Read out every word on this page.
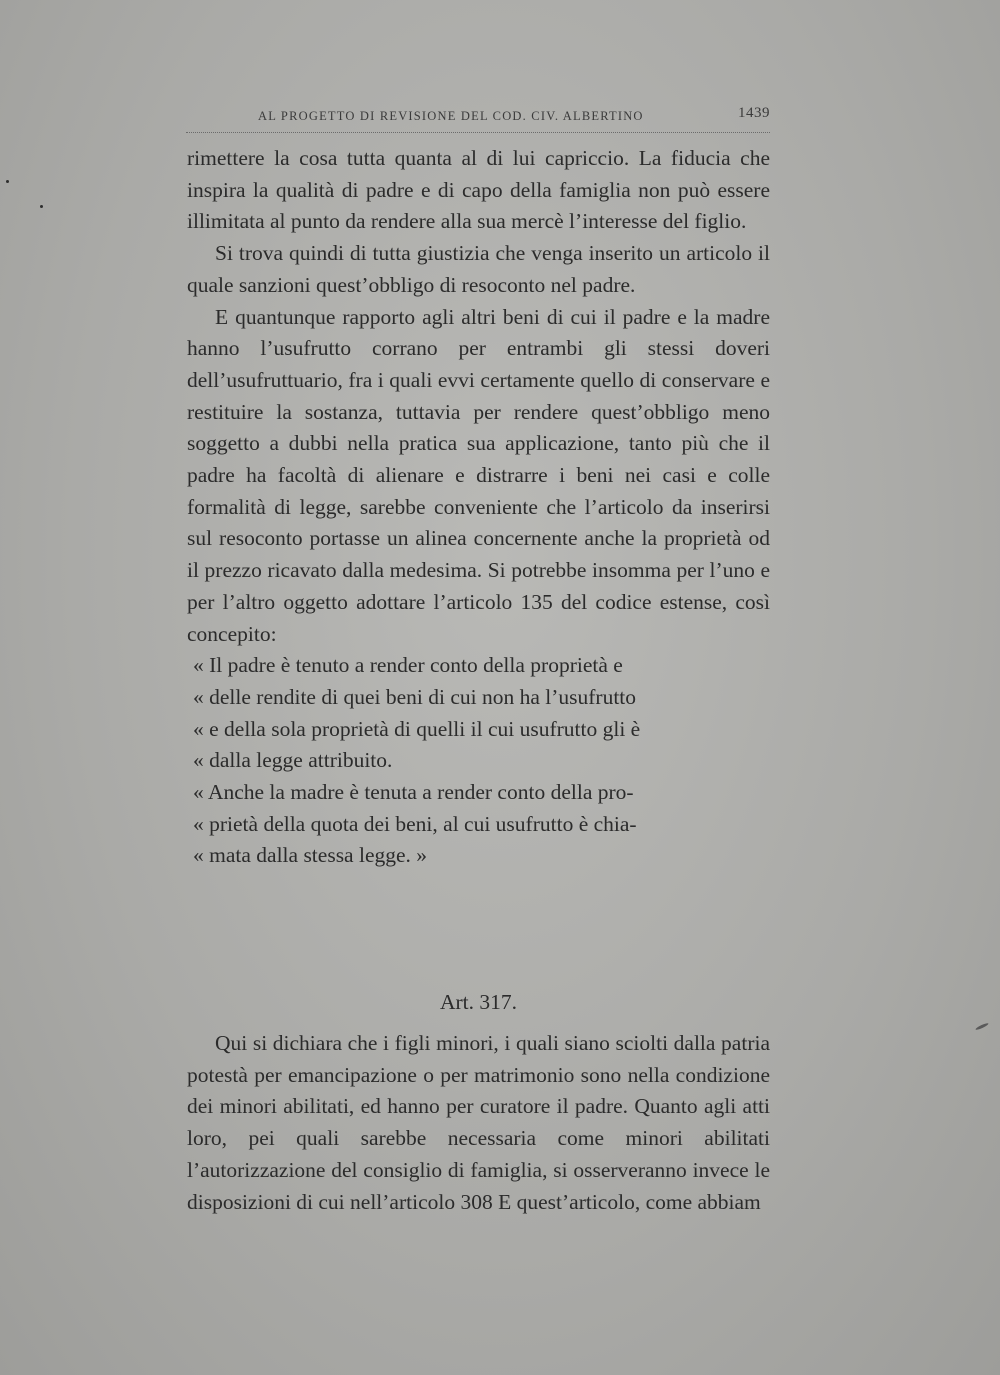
AL PROGETTO DI REVISIONE DEL COD. CIV. ALBERTINO	1439

rimettere la cosa tutta quanta al di lui capriccio. La fiducia che inspira la qualità di padre e di capo della famiglia non può essere illimitata al punto da rendere alla sua mercè l’interesse del figlio.

Si trova quindi di tutta giustizia che venga inserito un articolo il quale sanzioni quest’obbligo di resoconto nel padre.

E quantunque rapporto agli altri beni di cui il padre e la madre hanno l’usufrutto corrano per entrambi gli stessi doveri dell’usufruttuario, fra i quali evvi certamente quello di conservare e restituire la sostanza, tuttavia per rendere quest’obbligo meno soggetto a dubbi nella pratica sua applicazione, tanto più che il padre ha facoltà di alienare e distrarre i beni nei casi e colle formalità di legge, sarebbe conveniente che l’articolo da inserirsi sul resoconto portasse un alinea concernente anche la proprietà od il prezzo ricavato dalla medesima. Si potrebbe insomma per l’uno e per l’altro oggetto adottare l’articolo 135 del codice estense, così concepito:

« Il padre è tenuto a render conto della proprietà e

« delle rendite di quei beni di cui non ha l’usufrutto

« e della sola proprietà di quelli il cui usufrutto gli è

« dalla legge attribuito.

« Anche la madre è tenuta a render conto della pro-

« prietà della quota dei beni, al cui usufrutto è chia-

« mata dalla stessa legge. »

Art. 317.

Qui si dichiara che i figli minori, i quali siano sciolti dalla patria potestà per emancipazione o per matrimonio sono nella condizione dei minori abilitati, ed hanno per curatore il padre. Quanto agli atti loro, pei quali sarebbe necessaria come minori abilitati l’autorizzazione del consiglio di famiglia, si osserveranno invece le disposizioni di cui nell’articolo 308 E quest’articolo, come abbiam
